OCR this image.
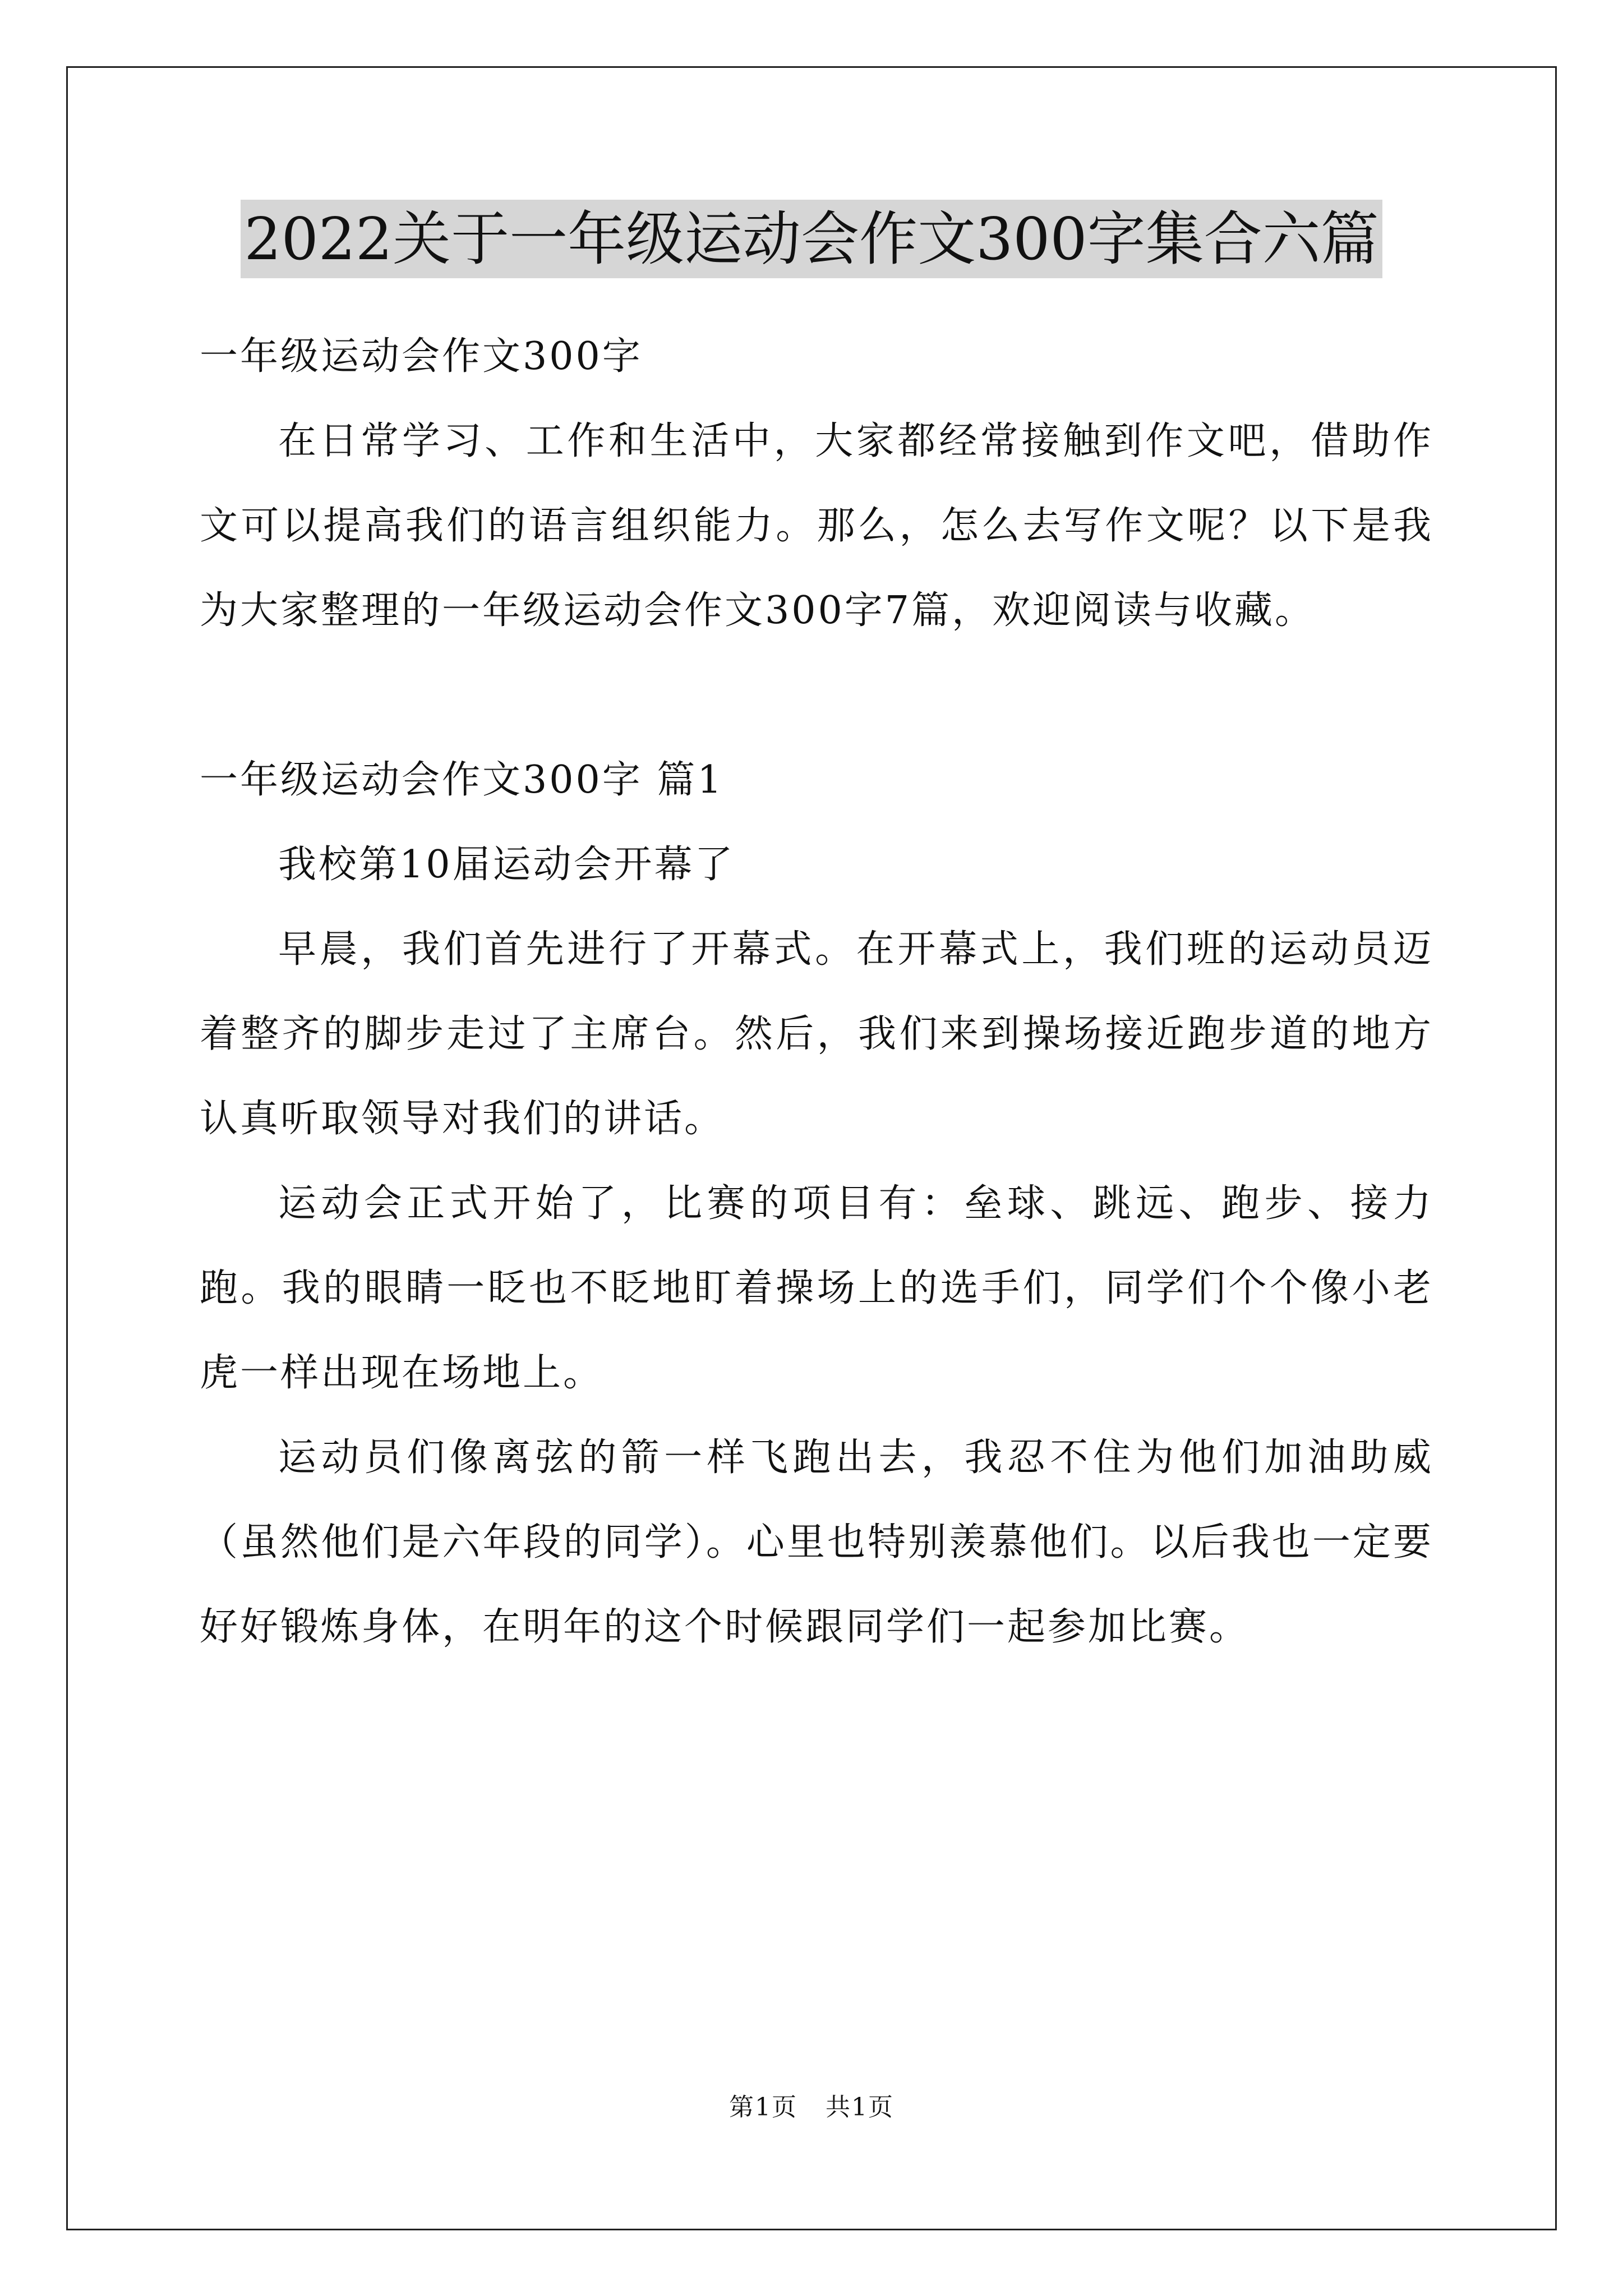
2022关于一年级运动会作文300字集合六篇

一年级运动会作文300字

在日常学习、工作和生活中，大家都经常接触到作文吧，借助作文可以提高我们的语言组织能力。那么，怎么去写作文呢？以下是我为大家整理的一年级运动会作文300字7篇，欢迎阅读与收藏。

一年级运动会作文300字 篇1

我校第10届运动会开幕了

早晨，我们首先进行了开幕式。在开幕式上，我们班的运动员迈着整齐的脚步走过了主席台。然后，我们来到操场接近跑步道的地方认真听取领导对我们的讲话。

运动会正式开始了，比赛的项目有：垒球、跳远、跑步、接力跑。我的眼睛一眨也不眨地盯着操场上的选手们，同学们个个像小老虎一样出现在场地上。

运动员们像离弦的箭一样飞跑出去，我忍不住为他们加油助威（虽然他们是六年段的同学）。心里也特别羡慕他们。以后我也一定要好好锻炼身体，在明年的这个时候跟同学们一起参加比赛。

第1页 共1页
